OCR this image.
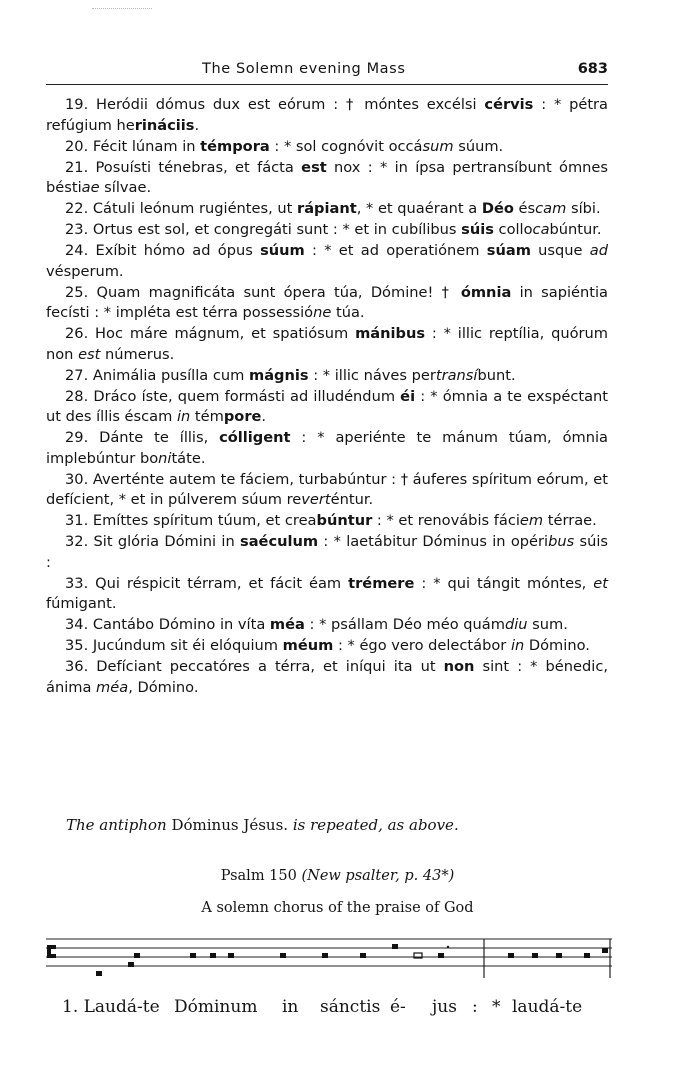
The Solemn evening Mass	683

19. Heródii dómus dux est eórum : † móntes excélsi cérvis : * pétra refúgium herináciis.

20. Fécit lúnam in témpora : * sol cognóvit occásum súum.

21. Posuísti ténebras, et fácta est nox : * in ípsa pertransíbunt ómnes béstiae sílvae.

22. Cátuli leónum rugiéntes, ut rápiant, * et quaérant a Déo éscam síbi.

23. Ortus est sol, et congregáti sunt : * et in cubílibus súis collocabúntur.

24. Exíbit hómo ad ópus súum : * et ad operatiónem súam usque ad vésperum.

25. Quam magnificáta sunt ópera túa, Dómine! † ómnia in sapiéntia fecísti : * impléta est térra possessióne túa.

26. Hoc máre mágnum, et spatiósum mánibus : * illic reptília, quórum non est númerus.

27. Animália pusílla cum mágnis : * illic náves pertransíbunt.

28. Dráco íste, quem formásti ad illudéndum éi : * ómnia a te exspéctant ut des íllis éscam in témpore.

29. Dánte te íllis, cólligent : * aperiénte te mánum túam, ómnia implebúntur bonitáte.

30. Averténte autem te fáciem, turbabúntur : † áuferes spíritum eórum, et defícient, * et in púlverem súum reverténtur.

31. Emíttes spíritum túum, et creabúntur : * et renovábis fáciem térrae.

32. Sit glória Dómini in saéculum : * laetábitur Dóminus in opéribus súis :

33. Qui réspicit térram, et fácit éam trémere : * qui tángit móntes, et fúmigant.

34. Cantábo Dómino in víta méa : * psállam Déo méo quámdiu sum.

35. Jucúndum sit éi elóquium méum : * égo vero delectábor in Dómino.

36. Defíciant peccatóres a térra, et iníqui ita ut non sint : * bénedic, ánima méa, Dómino.

The antiphon Dóminus Jésus. is repeated, as above.
Psalm 150 (New psalter, p. 43*)
A solemn chorus of the praise of God
1. Laudá-te Dóminum in sánctis é- jus : * laudá-te
